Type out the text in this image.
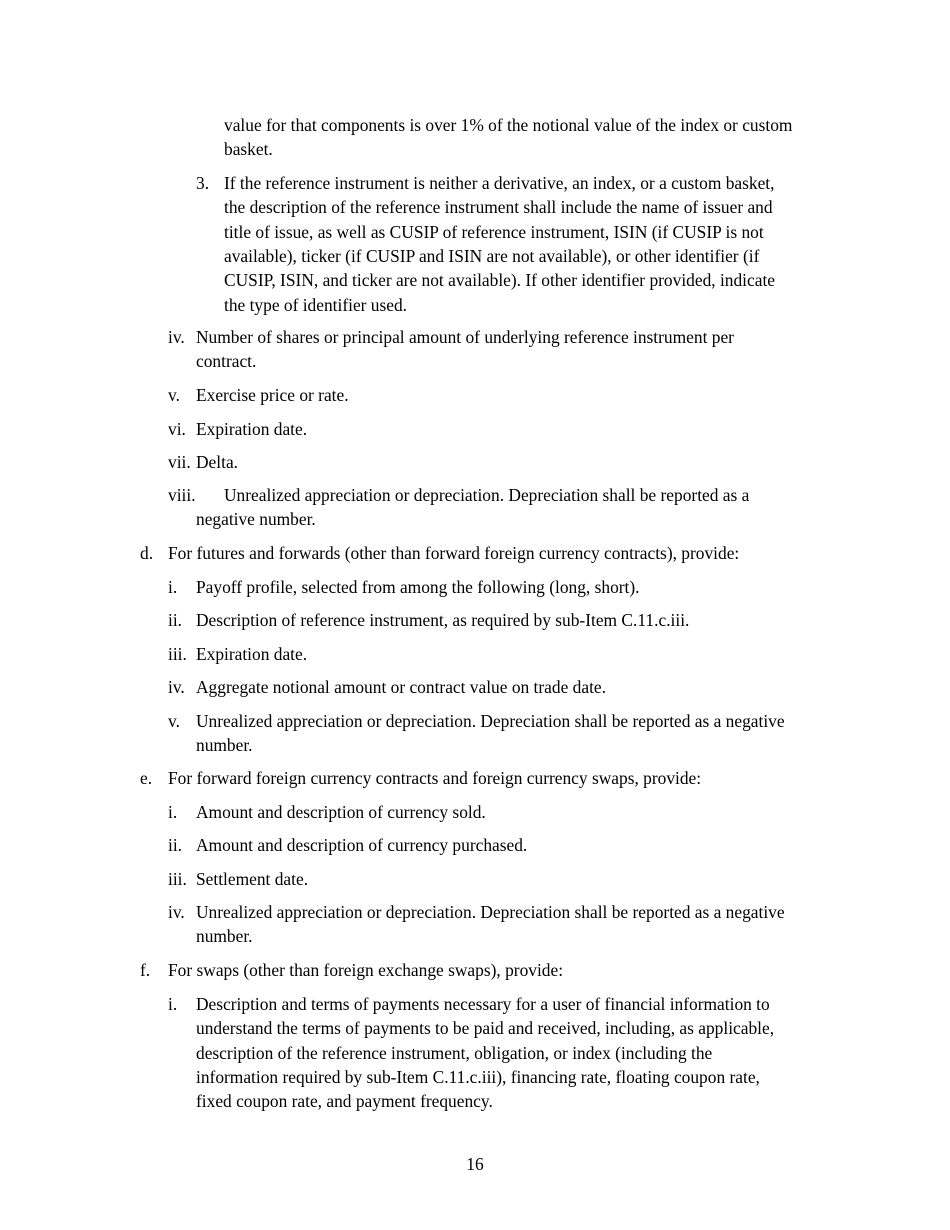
value for that components is over 1% of the notional value of the index or custom
basket.
3. If the reference instrument is neither a derivative, an index, or a custom basket,
the description of the reference instrument shall include the name of issuer and
title of issue, as well as CUSIP of reference instrument, ISIN (if CUSIP is not
available), ticker (if CUSIP and ISIN are not available), or other identifier (if
CUSIP, ISIN, and ticker are not available). If other identifier provided, indicate
the type of identifier used.
iv. Number of shares or principal amount of underlying reference instrument per
contract.
v. Exercise price or rate.
vi. Expiration date.
vii. Delta.
viii. Unrealized appreciation or depreciation. Depreciation shall be reported as a
negative number.
d. For futures and forwards (other than forward foreign currency contracts), provide:
i. Payoff profile, selected from among the following (long, short).
ii. Description of reference instrument, as required by sub-Item C.11.c.iii.
iii. Expiration date.
iv. Aggregate notional amount or contract value on trade date.
v. Unrealized appreciation or depreciation. Depreciation shall be reported as a negative
number.
e. For forward foreign currency contracts and foreign currency swaps, provide:
i. Amount and description of currency sold.
ii. Amount and description of currency purchased.
iii. Settlement date.
iv. Unrealized appreciation or depreciation. Depreciation shall be reported as a negative
number.
f. For swaps (other than foreign exchange swaps), provide:
i. Description and terms of payments necessary for a user of financial information to
understand the terms of payments to be paid and received, including, as applicable,
description of the reference instrument, obligation, or index (including the
information required by sub-Item C.11.c.iii), financing rate, floating coupon rate,
fixed coupon rate, and payment frequency.
16
